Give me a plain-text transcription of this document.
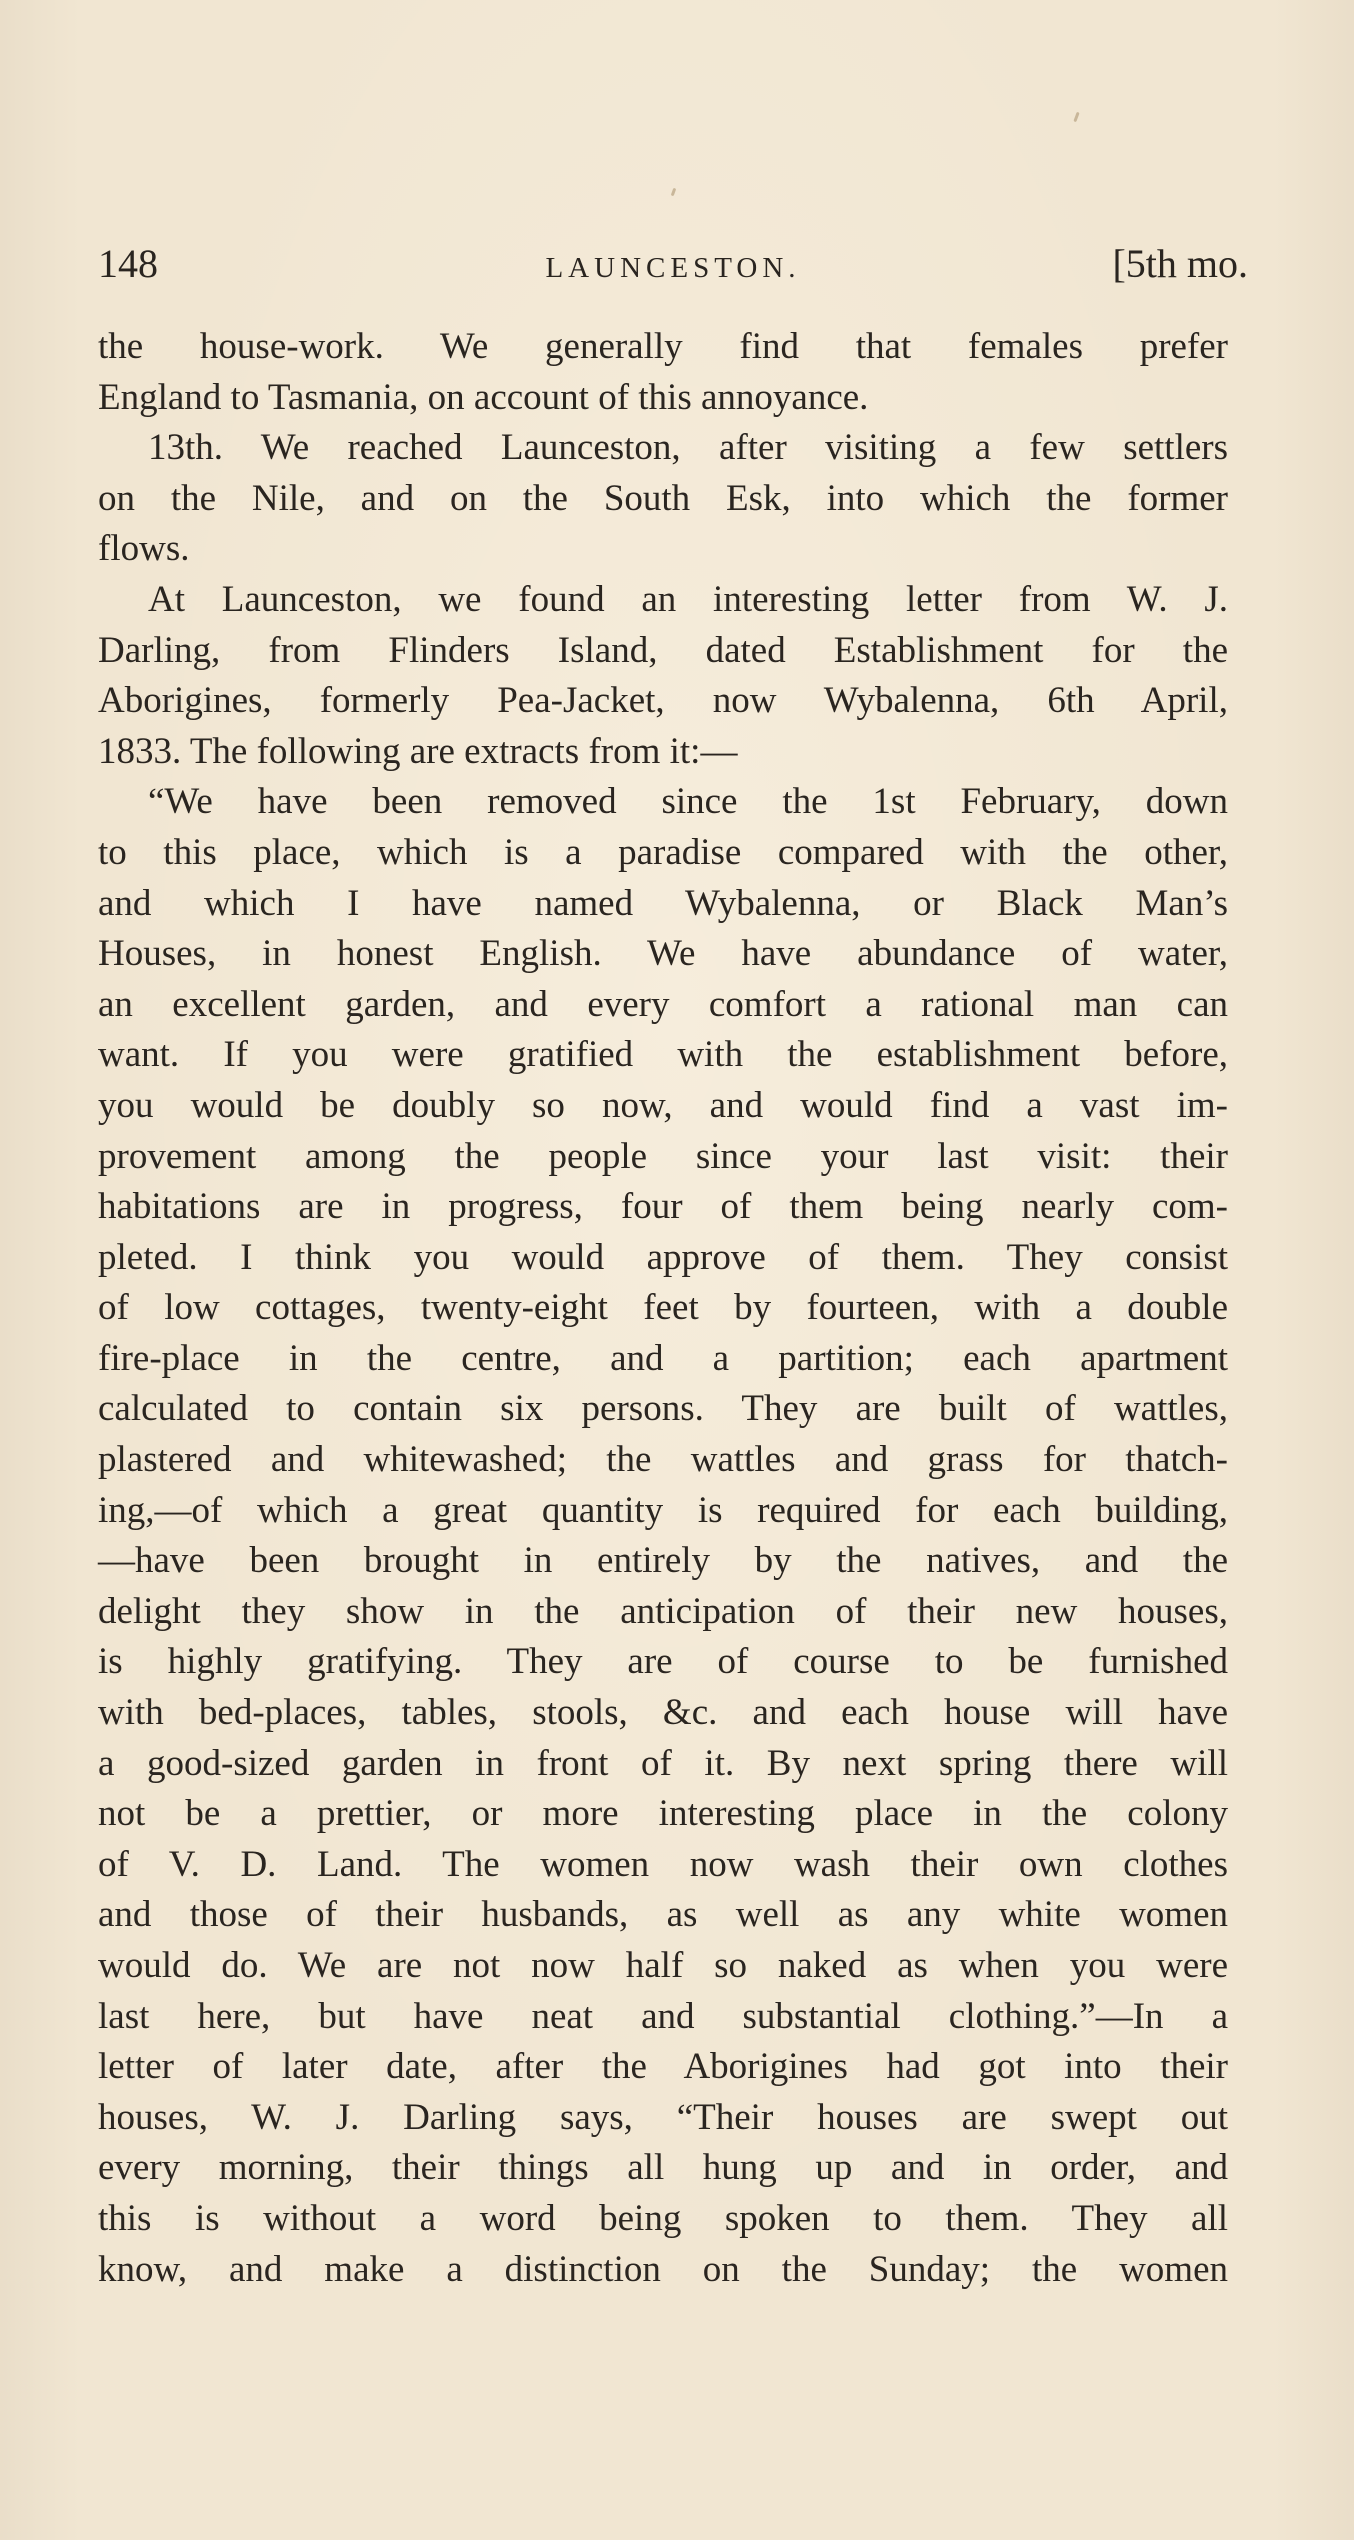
148	LAUNCESTON.	[5th mo.
the house-work. We generally find that females prefer
England to Tasmania, on account of this annoyance.
13th. We reached Launceston, after visiting a few settlers
on the Nile, and on the South Esk, into which the former
flows.
At Launceston, we found an interesting letter from W. J.
Darling, from Flinders Island, dated Establishment for the
Aborigines, formerly Pea-Jacket, now Wybalenna, 6th April,
1833. The following are extracts from it:—
“We have been removed since the 1st February, down
to this place, which is a paradise compared with the other,
and which I have named Wybalenna, or Black Man’s
Houses, in honest English. We have abundance of water,
an excellent garden, and every comfort a rational man can
want. If you were gratified with the establishment before,
you would be doubly so now, and would find a vast im-
provement among the people since your last visit: their
habitations are in progress, four of them being nearly com-
pleted. I think you would approve of them. They consist
of low cottages, twenty-eight feet by fourteen, with a double
fire-place in the centre, and a partition; each apartment
calculated to contain six persons. They are built of wattles,
plastered and whitewashed; the wattles and grass for thatch-
ing,—of which a great quantity is required for each building,
—have been brought in entirely by the natives, and the
delight they show in the anticipation of their new houses,
is highly gratifying. They are of course to be furnished
with bed-places, tables, stools, &c. and each house will have
a good-sized garden in front of it. By next spring there will
not be a prettier, or more interesting place in the colony
of V. D. Land. The women now wash their own clothes
and those of their husbands, as well as any white women
would do. We are not now half so naked as when you were
last here, but have neat and substantial clothing.”—In a
letter of later date, after the Aborigines had got into their
houses, W. J. Darling says, “Their houses are swept out
every morning, their things all hung up and in order, and
this is without a word being spoken to them. They all
know, and make a distinction on the Sunday; the women
